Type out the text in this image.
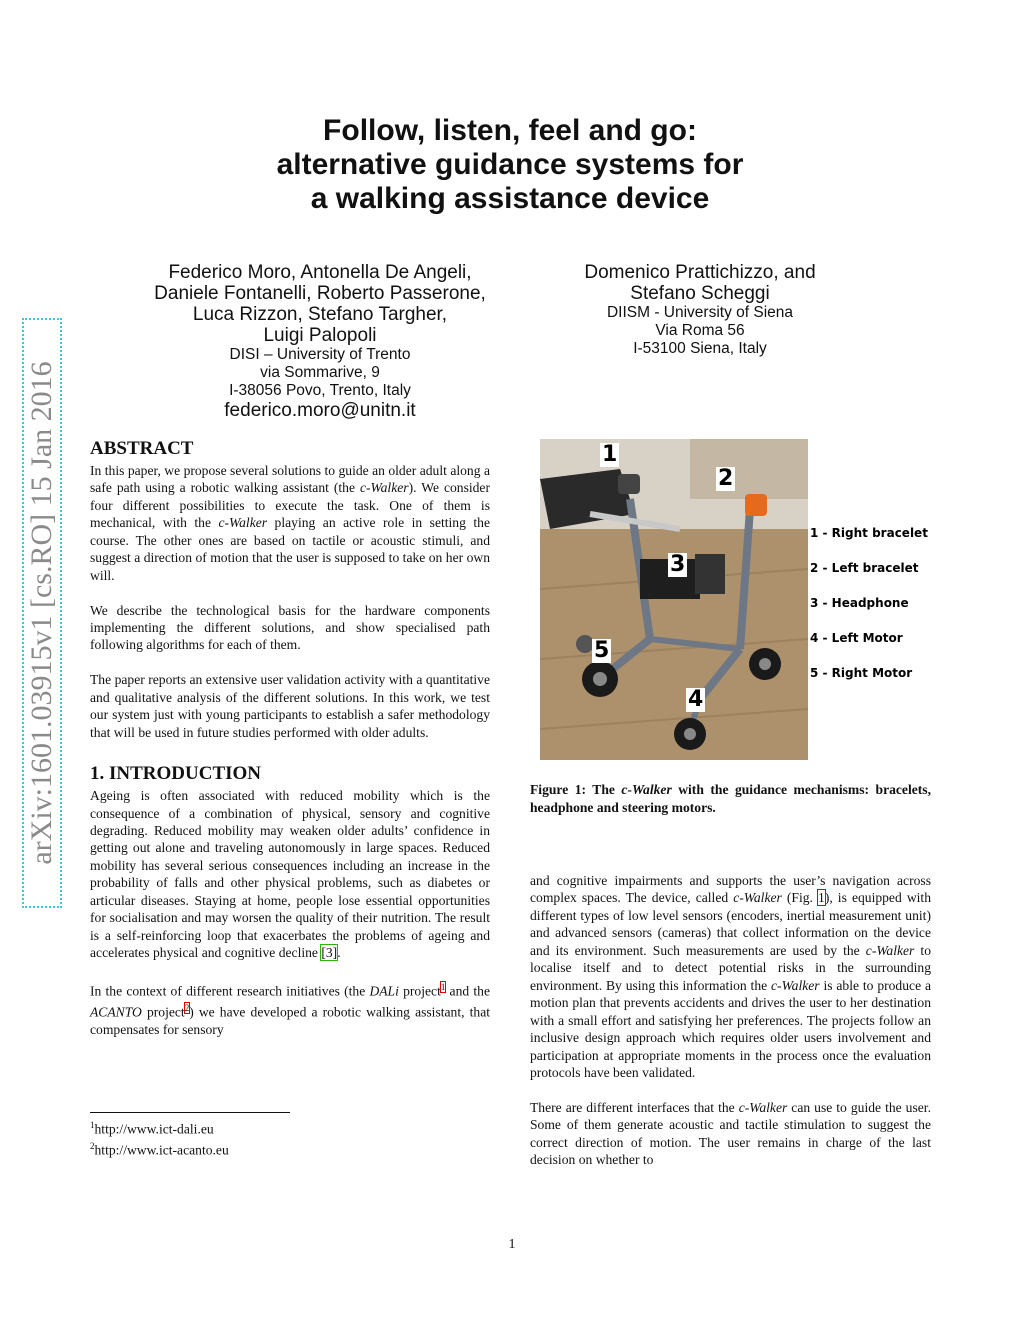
arXiv:1601.03915v1 [cs.RO] 15 Jan 2016
Follow, listen, feel and go:
alternative guidance systems for
a walking assistance device
Federico Moro, Antonella De Angeli,
Daniele Fontanelli, Roberto Passerone,
Luca Rizzon, Stefano Targher,
Luigi Palopoli
DISI – University of Trento
via Sommarive, 9
I-38056 Povo, Trento, Italy
federico.moro@unitn.it
Domenico Prattichizzo, and
Stefano Scheggi
DIISM - University of Siena
Via Roma 56
I-53100 Siena, Italy
ABSTRACT

In this paper, we propose several solutions to guide an older adult along a safe path using a robotic walking assistant (the c-Walker). We consider four different possibilities to execute the task. One of them is mechanical, with the c-Walker playing an active role in setting the course. The other ones are based on tactile or acoustic stimuli, and suggest a direction of motion that the user is supposed to take on her own will.

We describe the technological basis for the hardware components implementing the different solutions, and show specialised path following algorithms for each of them.

The paper reports an extensive user validation activity with a quantitative and qualitative analysis of the different solutions. In this work, we test our system just with young participants to establish a safer methodology that will be used in future studies performed with older adults.

1. INTRODUCTION

Ageing is often associated with reduced mobility which is the consequence of a combination of physical, sensory and cognitive degrading. Reduced mobility may weaken older adults’ confidence in getting out alone and traveling autonomously in large spaces. Reduced mobility has several serious consequences including an increase in the probability of falls and other physical problems, such as diabetes or articular diseases. Staying at home, people lose essential opportunities for socialisation and may worsen the quality of their nutrition. The result is a self-reinforcing loop that exacerbates the problems of ageing and accelerates physical and cognitive decline [3].

In the context of different research initiatives (the DALi project$^1$ and the ACANTO project$^2$) we have developed a robotic walking assistant, that compensates for sensory

$^1$http://www.ict-dali.eu
$^2$http://www.ict-acanto.eu
1
2
3
4
5
1 - Right bracelet
2 - Left bracelet
3 - Headphone
4 - Left Motor
5 - Right Motor
Figure 1: The c-Walker with the guidance mechanisms: bracelets, headphone and steering motors.

and cognitive impairments and supports the user’s navigation across complex spaces. The device, called c-Walker (Fig. 1), is equipped with different types of low level sensors (encoders, inertial measurement unit) and advanced sensors (cameras) that collect information on the device and its environment. Such measurements are used by the c-Walker to localise itself and to detect potential risks in the surrounding environment. By using this information the c-Walker is able to produce a motion plan that prevents accidents and drives the user to her destination with a small effort and satisfying her preferences. The projects follow an inclusive design approach which requires older users involvement and participation at appropriate moments in the process once the evaluation protocols have been validated.

There are different interfaces that the c-Walker can use to guide the user. Some of them generate acoustic and tactile stimulation to suggest the correct direction of motion. The user remains in charge of the last decision on whether to

1
